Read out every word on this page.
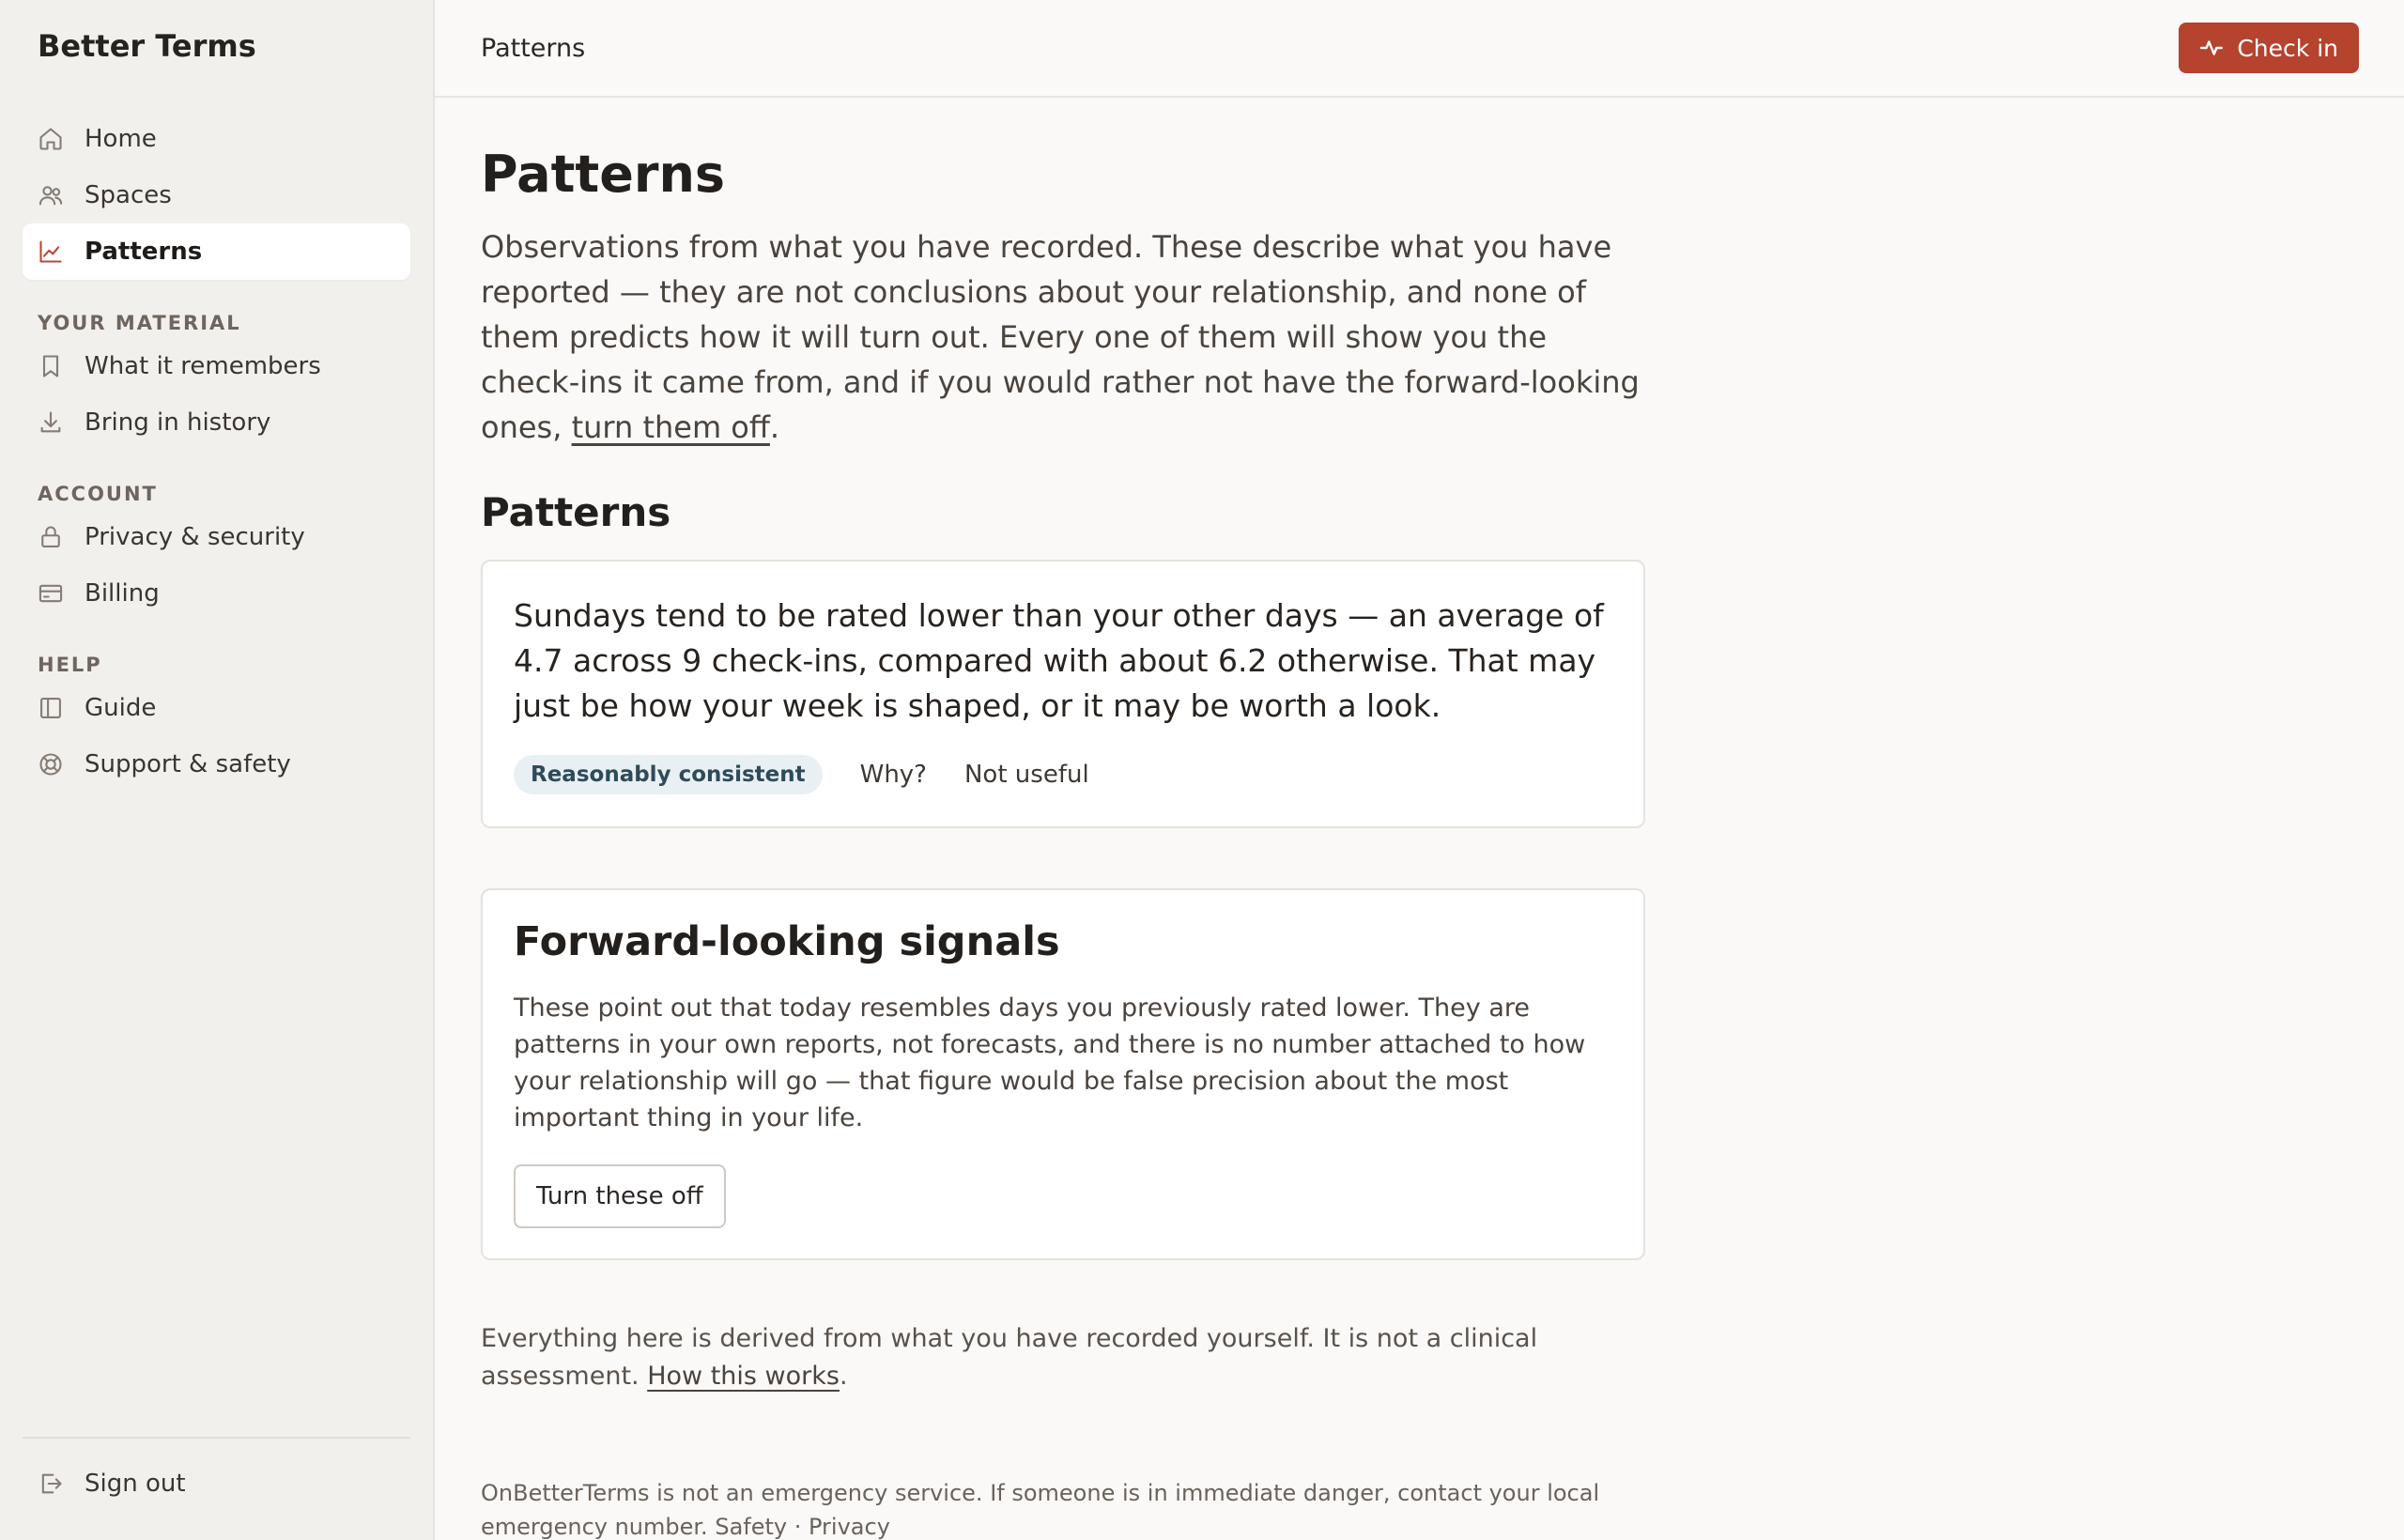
Better Terms
Home
Spaces
Patterns
YOUR MATERIAL
What it remembers
Bring in history
ACCOUNT
Privacy & security
Billing
HELP
Guide
Support & safety
Sign out
Patterns	Check in
Patterns

Observations from what you have recorded. These describe what you have reported — they are not conclusions about your relationship, and none of them predicts how it will turn out. Every one of them will show you the check-ins it came from, and if you would rather not have the forward-looking ones, turn them off.

Patterns

Sundays tend to be rated lower than your other days — an average of 4.7 across 9 check-ins, compared with about 6.2 otherwise. That may just be how your week is shaped, or it may be worth a look.

Reasonably consistent	Why? Not useful
Forward-looking signals

These point out that today resembles days you previously rated lower. They are patterns in your own reports, not forecasts, and there is no number attached to how your relationship will go — that figure would be false precision about the most important thing in your life.

Turn these off

Everything here is derived from what you have recorded yourself. It is not a clinical assessment. How this works.

OnBetterTerms is not an emergency service. If someone is in immediate danger, contact your local emergency number. Safety · Privacy
